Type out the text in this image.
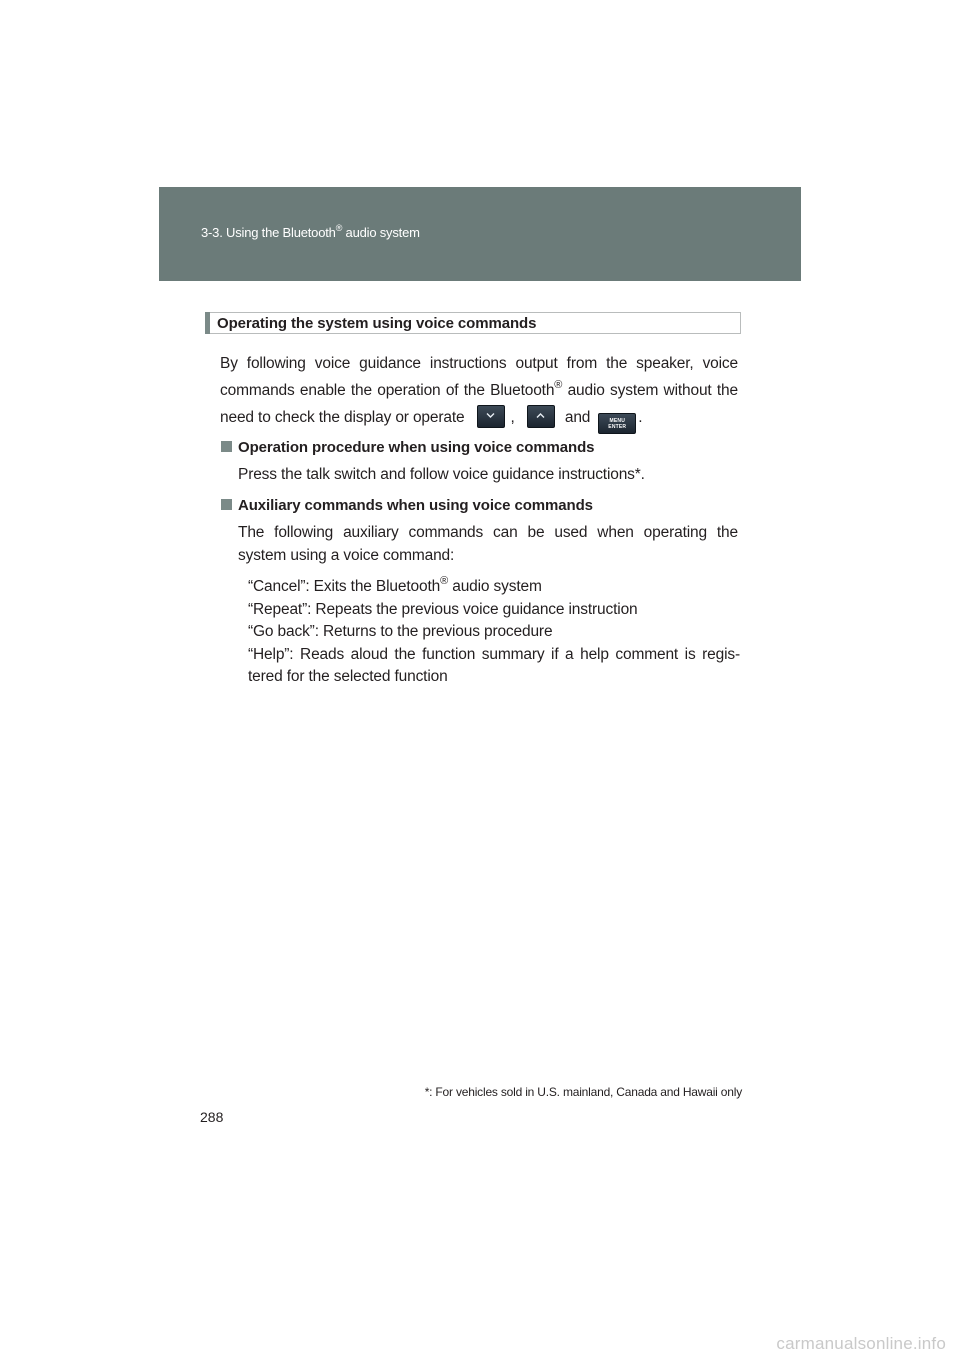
3-3. Using the Bluetooth® audio system
Operating the system using voice commands
By following voice guidance instructions output from the speaker, voice commands enable the operation of the Bluetooth® audio system without the need to check the display or operate	,	and	MENU
ENTER.
Operation procedure when using voice commands
Press the talk switch and follow voice guidance instructions*.
Auxiliary commands when using voice commands
The following auxiliary commands can be used when operating the system using a voice command:
“Cancel”: Exits the Bluetooth® audio system
“Repeat”: Repeats the previous voice guidance instruction
“Go back”: Returns to the previous procedure
“Help”: Reads aloud the function summary if a help comment is regis-tered for the selected function
*: For vehicles sold in U.S. mainland, Canada and Hawaii only
288
carmanualsonline.info
